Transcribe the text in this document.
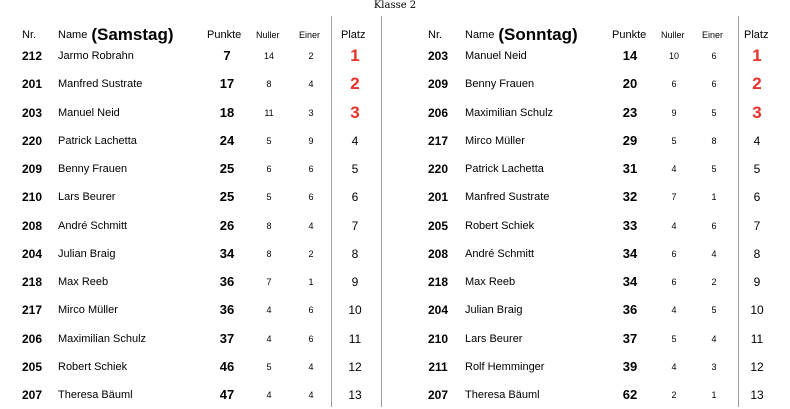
Klasse 2
Nr.	Name (Samstag)	Punkte Nuller Einer Platz
212	Jarmo Robrahn	7	14	2	1
201	Manfred Sustrate	17	8	4	2
203	Manuel Neid	18	11	3	3
220	Patrick Lachetta	24	5	9	4
209	Benny Frauen	25	6	6	5
210	Lars Beurer	25	5	6	6
208	André Schmitt	26	8	4	7
204	Julian Braig	34	8	2	8
218	Max Reeb	36	7	1	9
217	Mirco Müller	36	4	6	10
206	Maximilian Schulz	37	4	6	11
205	Robert Schiek	46	5	4	12
207	Theresa Bäuml	47	4	4	13
Nr.	Name (Sonntag)	Punkte Nuller Einer Platz
203	Manuel Neid	14	10	6	1
209	Benny Frauen	20	6	6	2
206	Maximilian Schulz	23	9	5	3
217	Mirco Müller	29	5	8	4
220	Patrick Lachetta	31	4	5	5
201	Manfred Sustrate	32	7	1	6
205	Robert Schiek	33	4	6	7
208	André Schmitt	34	6	4	8
218	Max Reeb	34	6	2	9
204	Julian Braig	36	4	5	10
210	Lars Beurer	37	5	4	11
211	Rolf Hemminger	39	4	3	12
207	Theresa Bäuml	62	2	1	13
